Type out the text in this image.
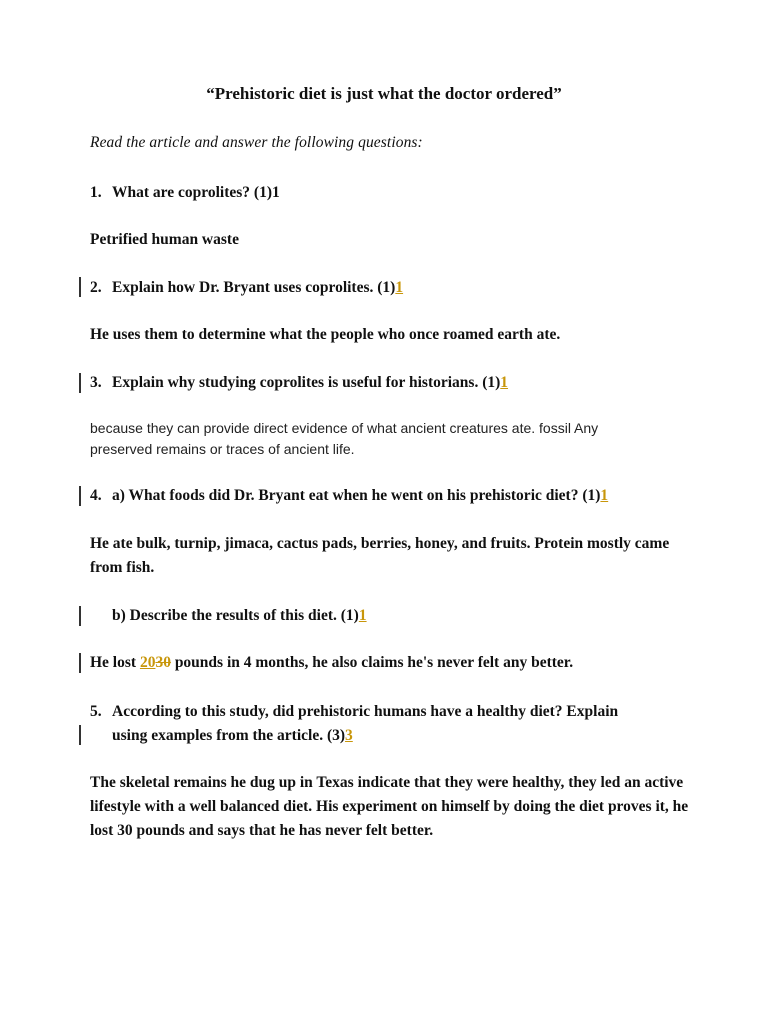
“Prehistoric diet is just what the doctor ordered”
Read the article and answer the following questions:
1. What are coprolites? (1)1
Petrified human waste
2. Explain how Dr. Bryant uses coprolites. (1)1
He uses them to determine what the people who once roamed earth ate.
3. Explain why studying coprolites is useful for historians. (1)1
because they can provide direct evidence of what ancient creatures ate. fossil Any preserved remains or traces of ancient life.
4. a) What foods did Dr. Bryant eat when he went on his prehistoric diet? (1)1
He ate bulk, turnip, jimaca, cactus pads, berries, honey, and fruits. Protein mostly came from fish.
b) Describe the results of this diet. (1)1
He lost 2030 pounds in 4 months, he also claims he's never felt any better.
5. According to this study, did prehistoric humans have a healthy diet? Explain
using examples from the article. (3)3
The skeletal remains he dug up in Texas indicate that they were healthy, they led an active lifestyle with a well balanced diet. His experiment on himself by doing the diet proves it, he lost 30 pounds and says that he has never felt better.
